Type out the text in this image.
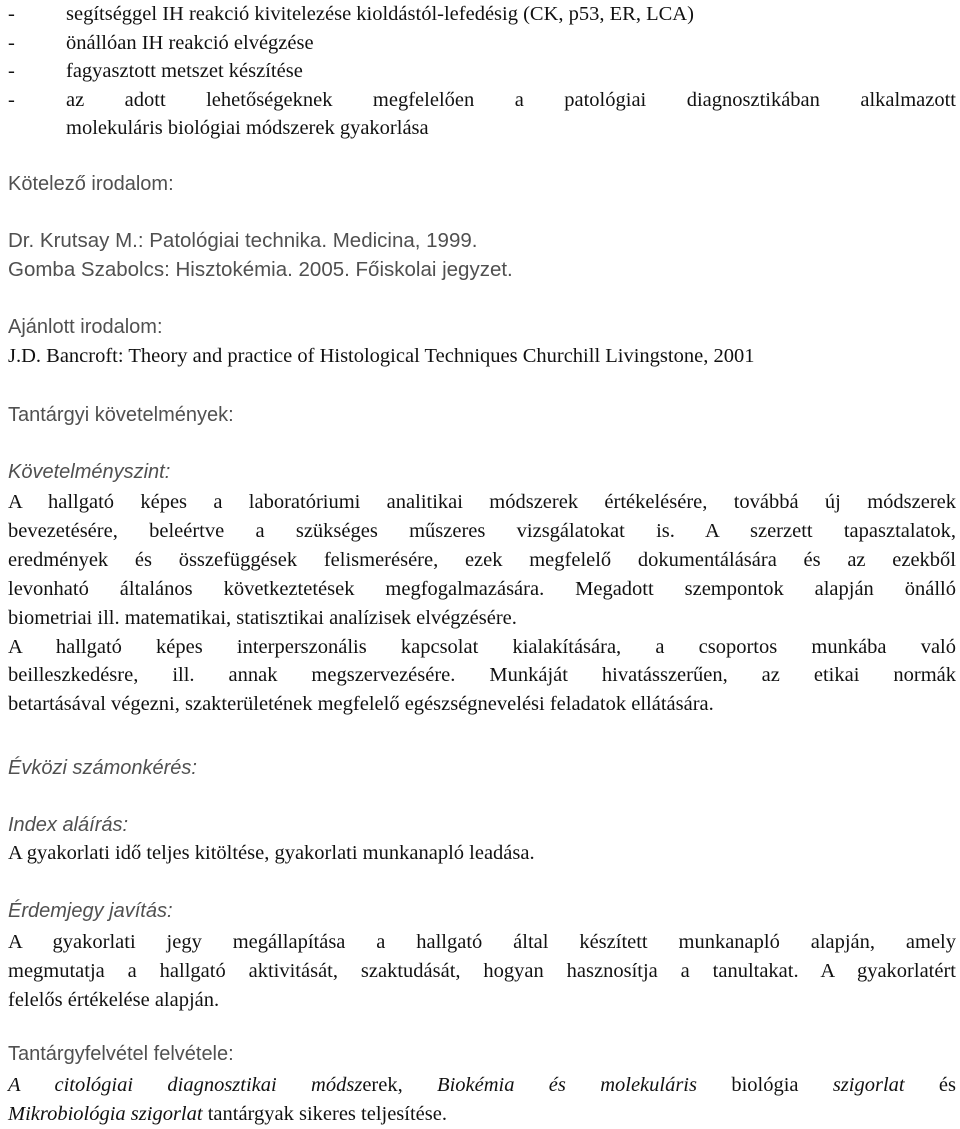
-	segítséggel IH reakció kivitelezése kioldástól-lefedésig (CK, p53, ER, LCA)
-	önállóan IH reakció elvégzése
-	fagyasztott metszet készítése
-	az adott lehetőségeknek megfelelően a patológiai diagnosztikában alkalmazott
molekuláris biológiai módszerek gyakorlása
Kötelező irodalom:
Dr. Krutsay M.: Patológiai technika. Medicina, 1999.
Gomba Szabolcs: Hisztokémia. 2005. Főiskolai jegyzet.
Ajánlott irodalom:
J.D. Bancroft: Theory and practice of Histological Techniques Churchill Livingstone, 2001
Tantárgyi követelmények:
Követelményszint:
A hallgató képes a laboratóriumi analitikai módszerek értékelésére, továbbá új módszerek
bevezetésére, beleértve a szükséges műszeres vizsgálatokat is. A szerzett tapasztalatok,
eredmények és összefüggések felismerésére, ezek megfelelő dokumentálására és az ezekből
levonható általános következtetések megfogalmazására. Megadott szempontok alapján önálló
biometriai ill. matematikai, statisztikai analízisek elvégzésére.
A hallgató képes interperszonális kapcsolat kialakítására, a csoportos munkába való
beilleszkedésre, ill. annak megszervezésére. Munkáját hivatásszerűen, az etikai normák
betartásával végezni, szakterületének megfelelő egészségnevelési feladatok ellátására.
Évközi számonkérés:
Index aláírás:
A gyakorlati idő teljes kitöltése, gyakorlati munkanapló leadása.
Érdemjegy javítás:
A gyakorlati jegy megállapítása a hallgató által készített munkanapló alapján, amely
megmutatja a hallgató aktivitását, szaktudását, hogyan hasznosítja a tanultakat. A gyakorlatért
felelős értékelése alapján.
Tantárgyfelvétel felvétele:
A citológiai diagnosztikai módszerek, Biokémia és molekuláris biológia szigorlat és
Mikrobiológia szigorlat tantárgyak sikeres teljesítése.
